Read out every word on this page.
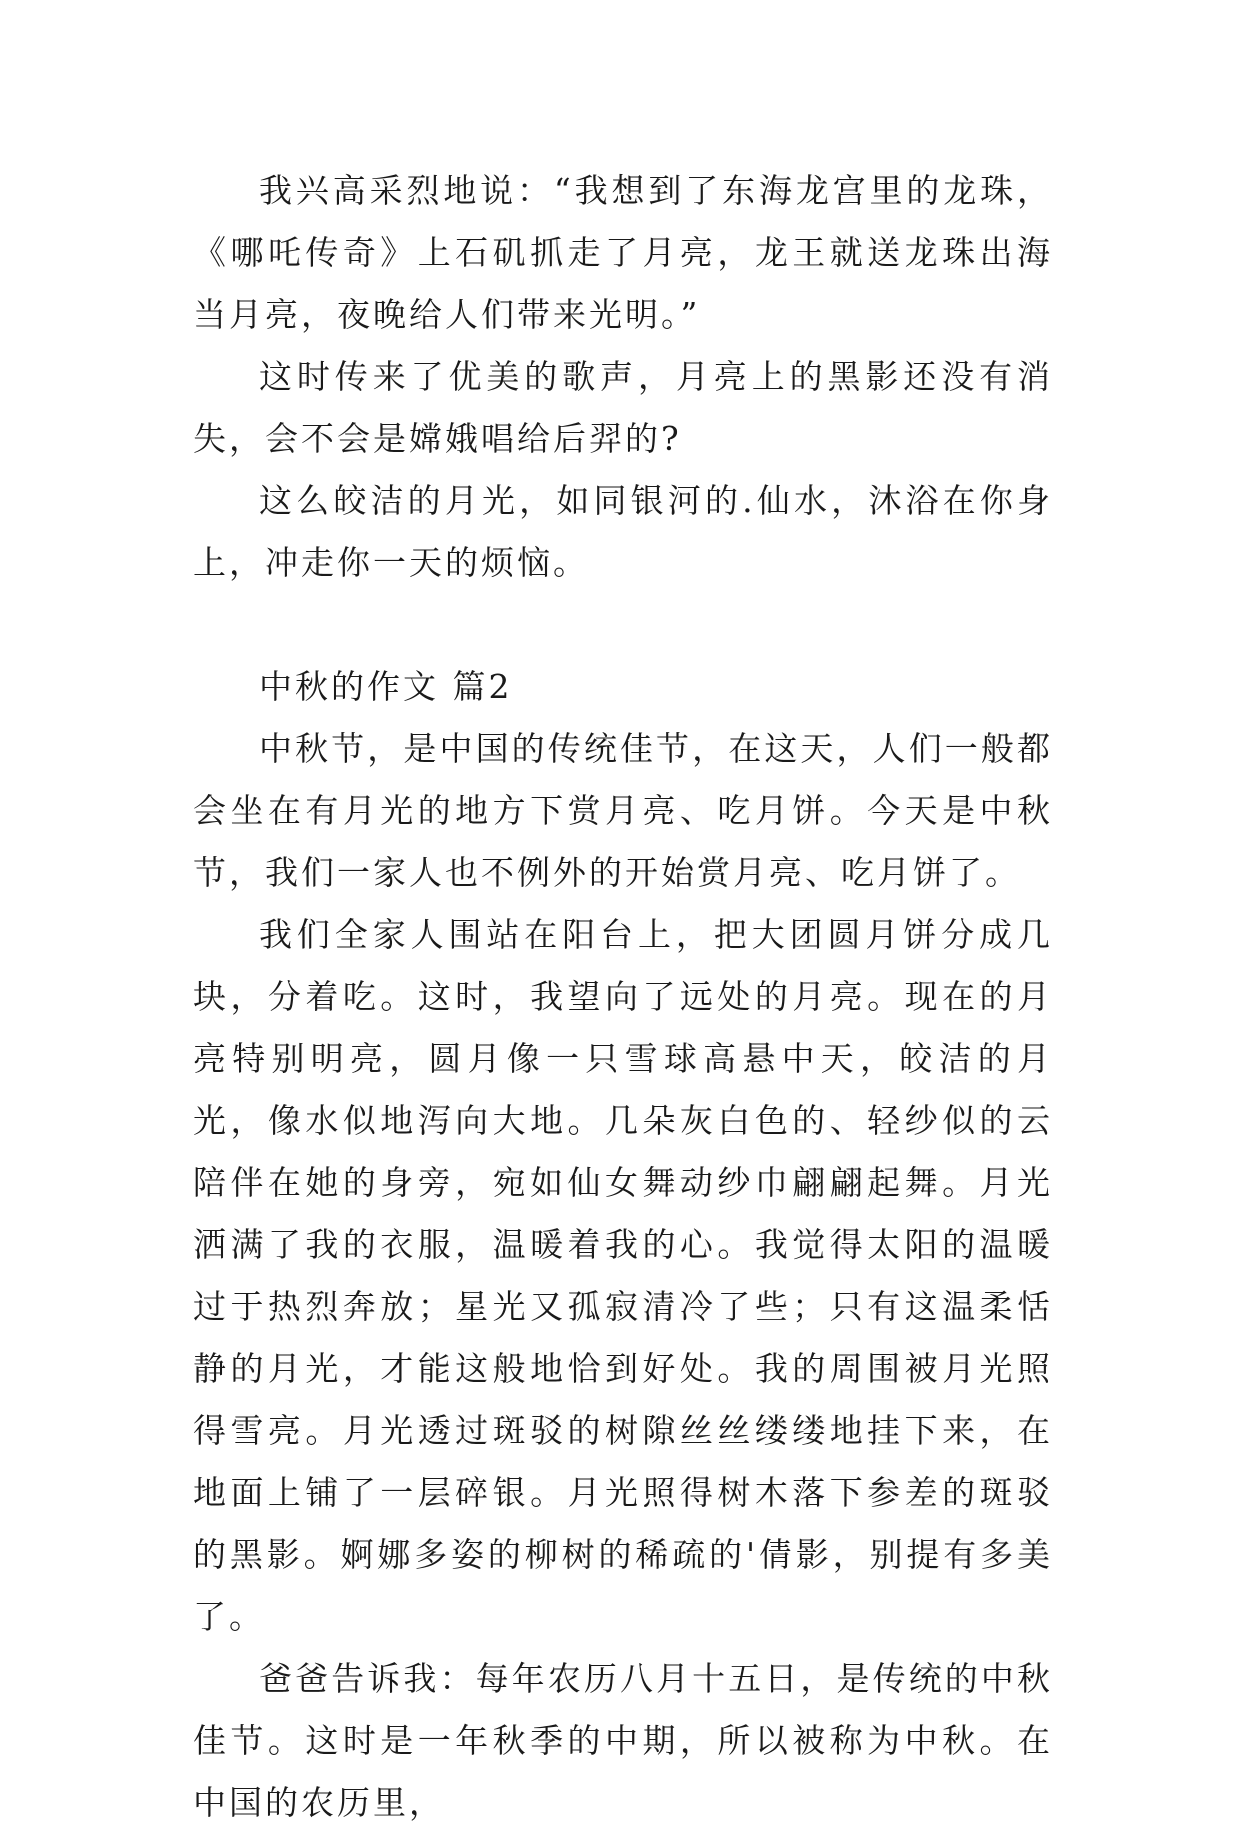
我兴高采烈地说：“我想到了东海龙宫里的龙珠，《哪吒传奇》上石矶抓走了月亮，龙王就送龙珠出海当月亮，夜晚给人们带来光明。”

这时传来了优美的歌声，月亮上的黑影还没有消失，会不会是嫦娥唱给后羿的?

这么皎洁的月光，如同银河的.仙水，沐浴在你身上，冲走你一天的烦恼。

中秋的作文 篇2

中秋节，是中国的传统佳节，在这天，人们一般都会坐在有月光的地方下赏月亮、吃月饼。今天是中秋节，我们一家人也不例外的开始赏月亮、吃月饼了。

我们全家人围站在阳台上，把大团圆月饼分成几块，分着吃。这时，我望向了远处的月亮。现在的月亮特别明亮，圆月像一只雪球高悬中天，皎洁的月光，像水似地泻向大地。几朵灰白色的、轻纱似的云陪伴在她的身旁，宛如仙女舞动纱巾翩翩起舞。月光洒满了我的衣服，温暖着我的心。我觉得太阳的温暖过于热烈奔放；星光又孤寂清冷了些；只有这温柔恬静的月光，才能这般地恰到好处。我的周围被月光照得雪亮。月光透过斑驳的树隙丝丝缕缕地挂下来，在地面上铺了一层碎银。月光照得树木落下参差的斑驳的黑影。婀娜多姿的柳树的稀疏的'倩影，别提有多美了。

爸爸告诉我：每年农历八月十五日，是传统的中秋佳节。这时是一年秋季的中期，所以被称为中秋。在中国的农历里，
